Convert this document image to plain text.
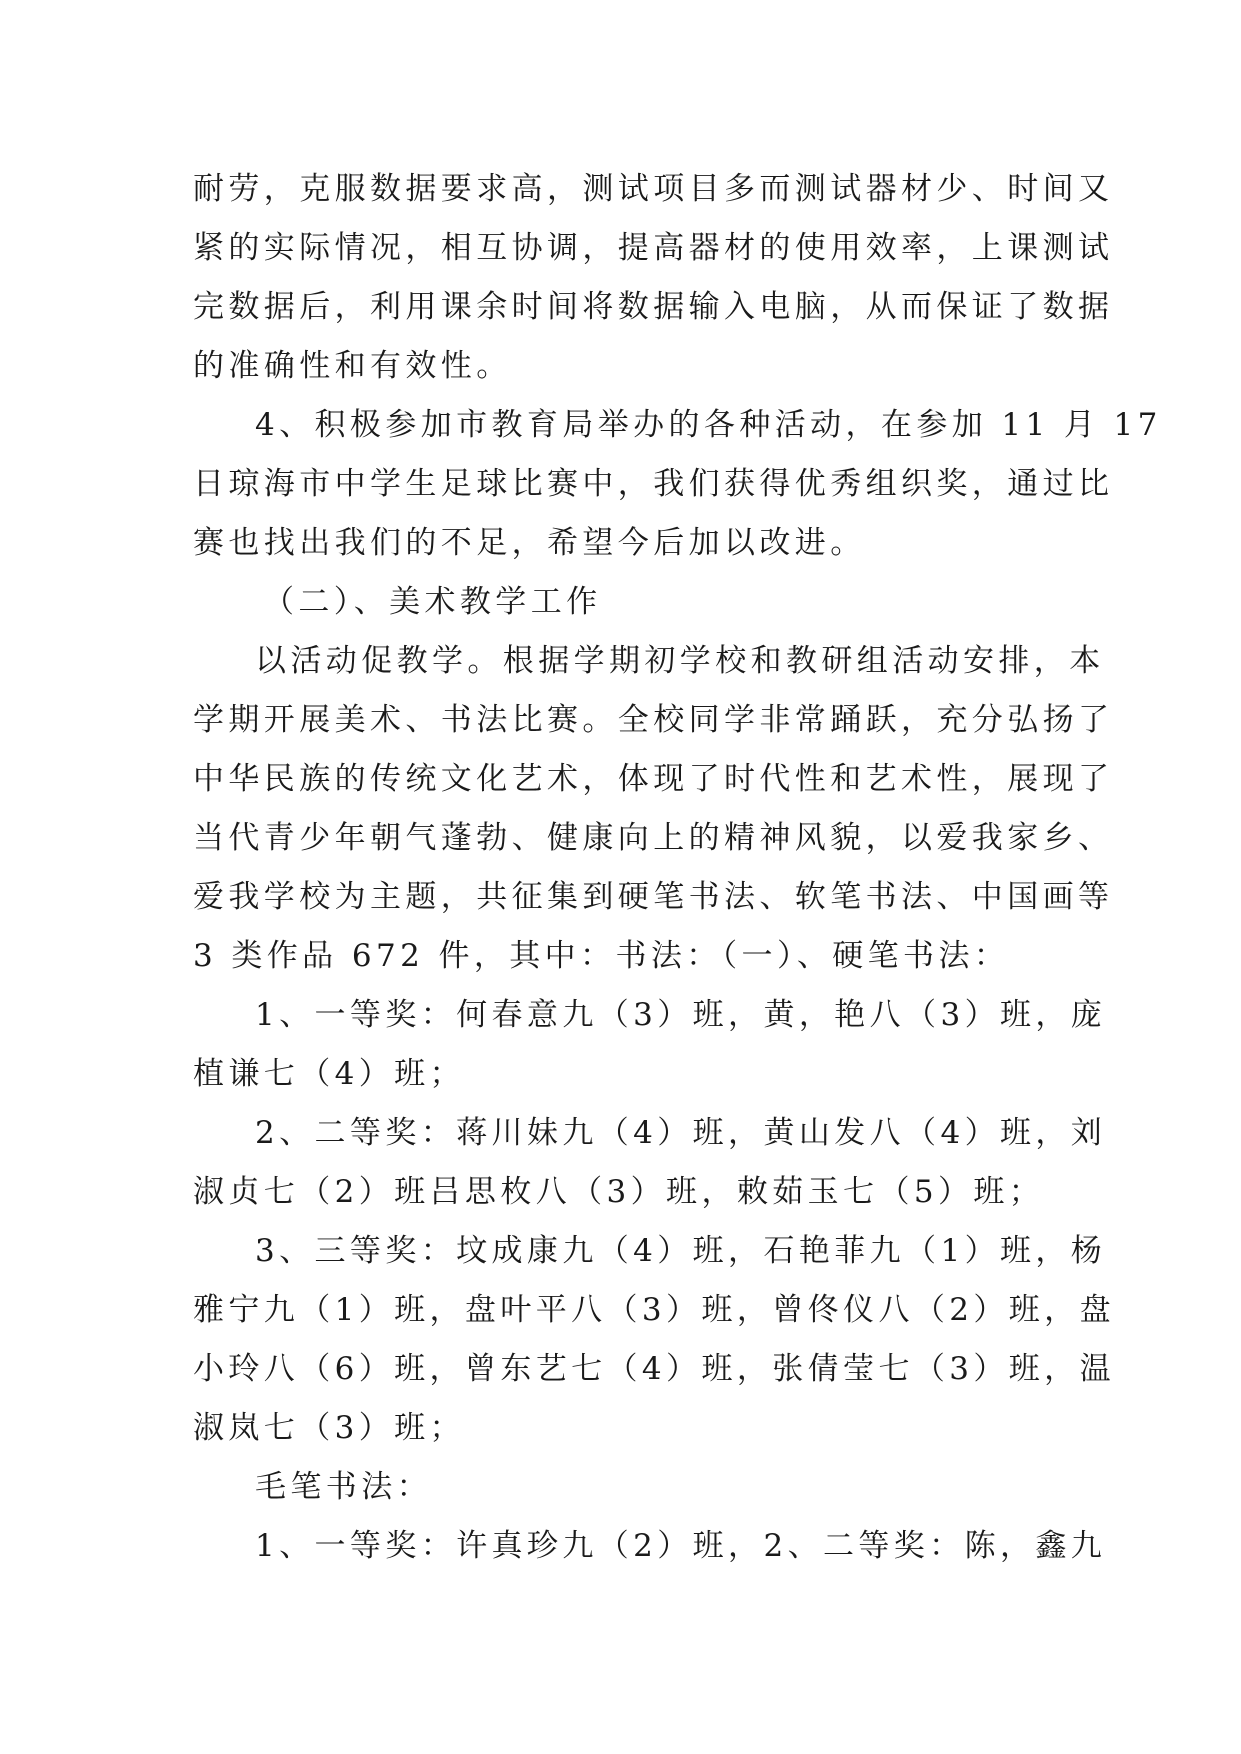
耐劳，克服数据要求高，测试项目多而测试器材少、时间又
紧的实际情况，相互协调，提高器材的使用效率，上课测试
完数据后，利用课余时间将数据输入电脑，从而保证了数据
的准确性和有效性。
4、积极参加市教育局举办的各种活动，在参加 11 月 17
日琼海市中学生足球比赛中，我们获得优秀组织奖，通过比
赛也找出我们的不足，希望今后加以改进。
（二）、美术教学工作
以活动促教学。根据学期初学校和教研组活动安排，本
学期开展美术、书法比赛。全校同学非常踊跃，充分弘扬了
中华民族的传统文化艺术，体现了时代性和艺术性，展现了
当代青少年朝气蓬勃、健康向上的精神风貌，以爱我家乡、
爱我学校为主题，共征集到硬笔书法、软笔书法、中国画等
3 类作品 672 件，其中：书法：（一）、硬笔书法：
1、一等奖：何春意九（3）班，黄，艳八（3）班，庞
植谦七（4）班；
2、二等奖：蒋川妹九（4）班，黄山发八（4）班，刘
淑贞七（2）班吕思枚八（3）班，敕茹玉七（5）班；
3、三等奖：坟成康九（4）班，石艳菲九（1）班，杨
雅宁九（1）班，盘叶平八（3）班，曾佟仪八（2）班，盘
小玲八（6）班，曾东艺七（4）班，张倩莹七（3）班，温
淑岚七（3）班；
毛笔书法：
1、一等奖：许真珍九（2）班，2、二等奖：陈，鑫九
